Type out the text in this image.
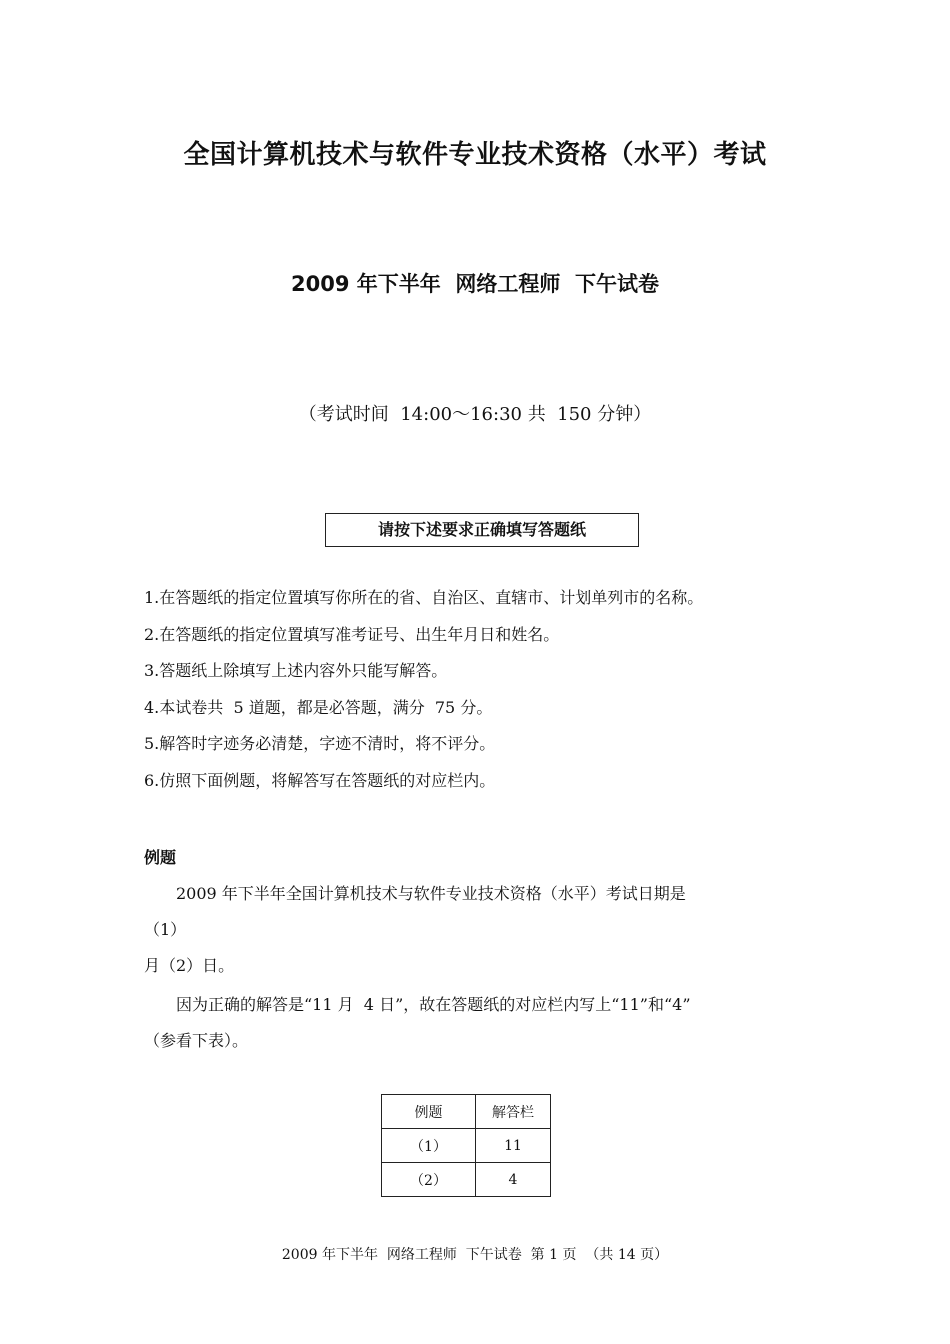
全国计算机技术与软件专业技术资格（水平）考试
2009 年下半年  网络工程师  下午试卷
（考试时间  14:00～16:30 共  150 分钟）
请按下述要求正确填写答题纸
1.在答题纸的指定位置填写你所在的省、自治区、直辖市、计划单列市的名称。
2.在答题纸的指定位置填写准考证号、出生年月日和姓名。
3.答题纸上除填写上述内容外只能写解答。
4.本试卷共  5 道题，都是必答题，满分  75 分。
5.解答时字迹务必清楚，字迹不清时，将不评分。
6.仿照下面例题，将解答写在答题纸的对应栏内。
例题
2009 年下半年全国计算机技术与软件专业技术资格（水平）考试日期是
（1）
月（2）日。
因为正确的解答是“11 月  4 日”，故在答题纸的对应栏内写上“11”和“4”
（参看下表）。
例题	解答栏
（1）	11
（2）	4
2009 年下半年  网络工程师  下午试卷  第 1 页  （共 14 页）
